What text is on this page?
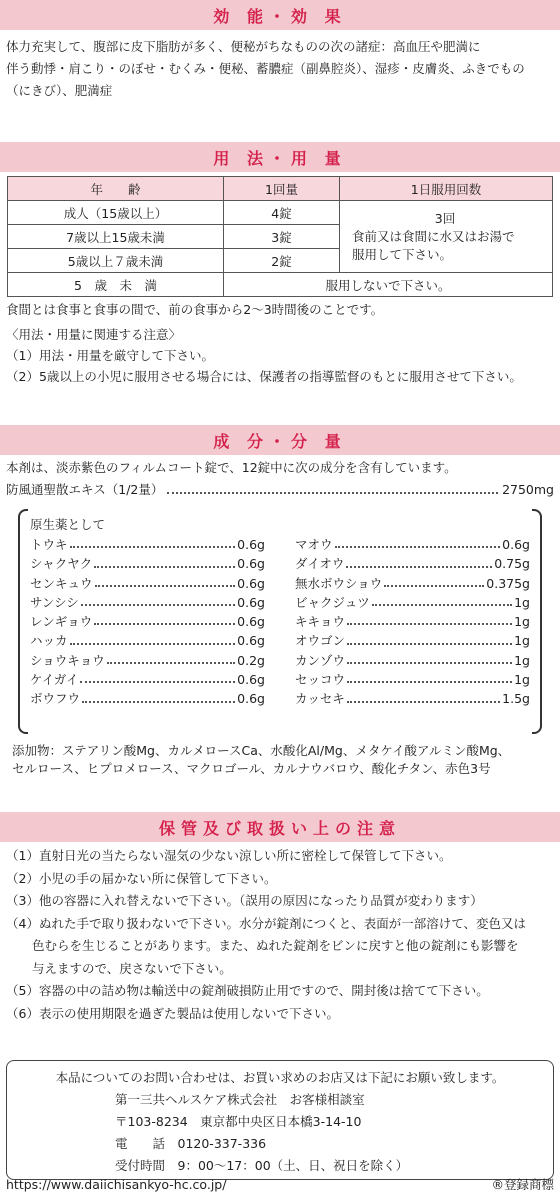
効 能・効 果
体力充実して、腹部に皮下脂肪が多く、便秘がちなものの次の諸症：高血圧や肥満に
伴う動悸・肩こり・のぼせ・むくみ・便秘、蓄膿症（副鼻腔炎）、湿疹・皮膚炎、ふきでもの
（にきび）、肥満症
用 法・用 量
年　　齢	1回量	1日服用回数
成人（15歳以上）	4錠	3回
食前又は食間に水又はお湯で
服用して下さい。

7歳以上15歳未満	3錠	
5歳以上７歳未満	2錠	
5　歳　未　満	服用しないで下さい。	
食間とは食事と食事の間で、前の食事から2〜3時間後のことです。
〈用法・用量に関連する注意〉
（1）用法・用量を厳守して下さい。
（2）5歳以上の小児に服用させる場合には、保護者の指導監督のもとに服用させて下さい。
成 分・分 量
本剤は、淡赤紫色のフィルムコート錠で、12錠中に次の成分を含有しています。
防風通聖散エキス（1/2量）	2750mg
原生薬として
トウキ	0.6g
シャクヤク	0.6g
センキュウ	0.6g
サンシシ	0.6g
レンギョウ	0.6g
ハッカ	0.6g
ショウキョウ	0.2g
ケイガイ	0.6g
ボウフウ	0.6g
マオウ	0.6g
ダイオウ	0.75g
無水ボウショウ	0.375g
ビャクジュツ	1g
キキョウ	1g
オウゴン	1g
カンゾウ	1g
セッコウ	1g
カッセキ	1.5g
添加物：ステアリン酸Mg、カルメロースCa、水酸化Al/Mg、メタケイ酸アルミン酸Mg、
セルロース、ヒプロメロース、マクロゴール、カルナウバロウ、酸化チタン、赤色3号
保管及び取扱い上の注意
（1） 直射日光の当たらない湿気の少ない涼しい所に密栓して保管して下さい。
（2） 小児の手の届かない所に保管して下さい。
（3） 他の容器に入れ替えないで下さい。（誤用の原因になったり品質が変わります）
（4） ぬれた手で取り扱わないで下さい。水分が錠剤につくと、表面が一部溶けて、変色又は
色むらを生じることがあります。また、ぬれた錠剤をビンに戻すと他の錠剤にも影響を
与えますので、戻さないで下さい。
（5） 容器の中の詰め物は輸送中の錠剤破損防止用ですので、開封後は捨てて下さい。
（6） 表示の使用期限を過ぎた製品は使用しないで下さい。
本品についてのお問い合わせは、お買い求めのお店又は下記にお願い致します。
第一三共ヘルスケア株式会社　お客様相談室
〒103-8234　東京都中央区日本橋3-14-10
電　　話　0120-337-336
受付時間　9：00〜17：00（土、日、祝日を除く）
https://www.daiichisankyo-hc.co.jp/	®登録商標
